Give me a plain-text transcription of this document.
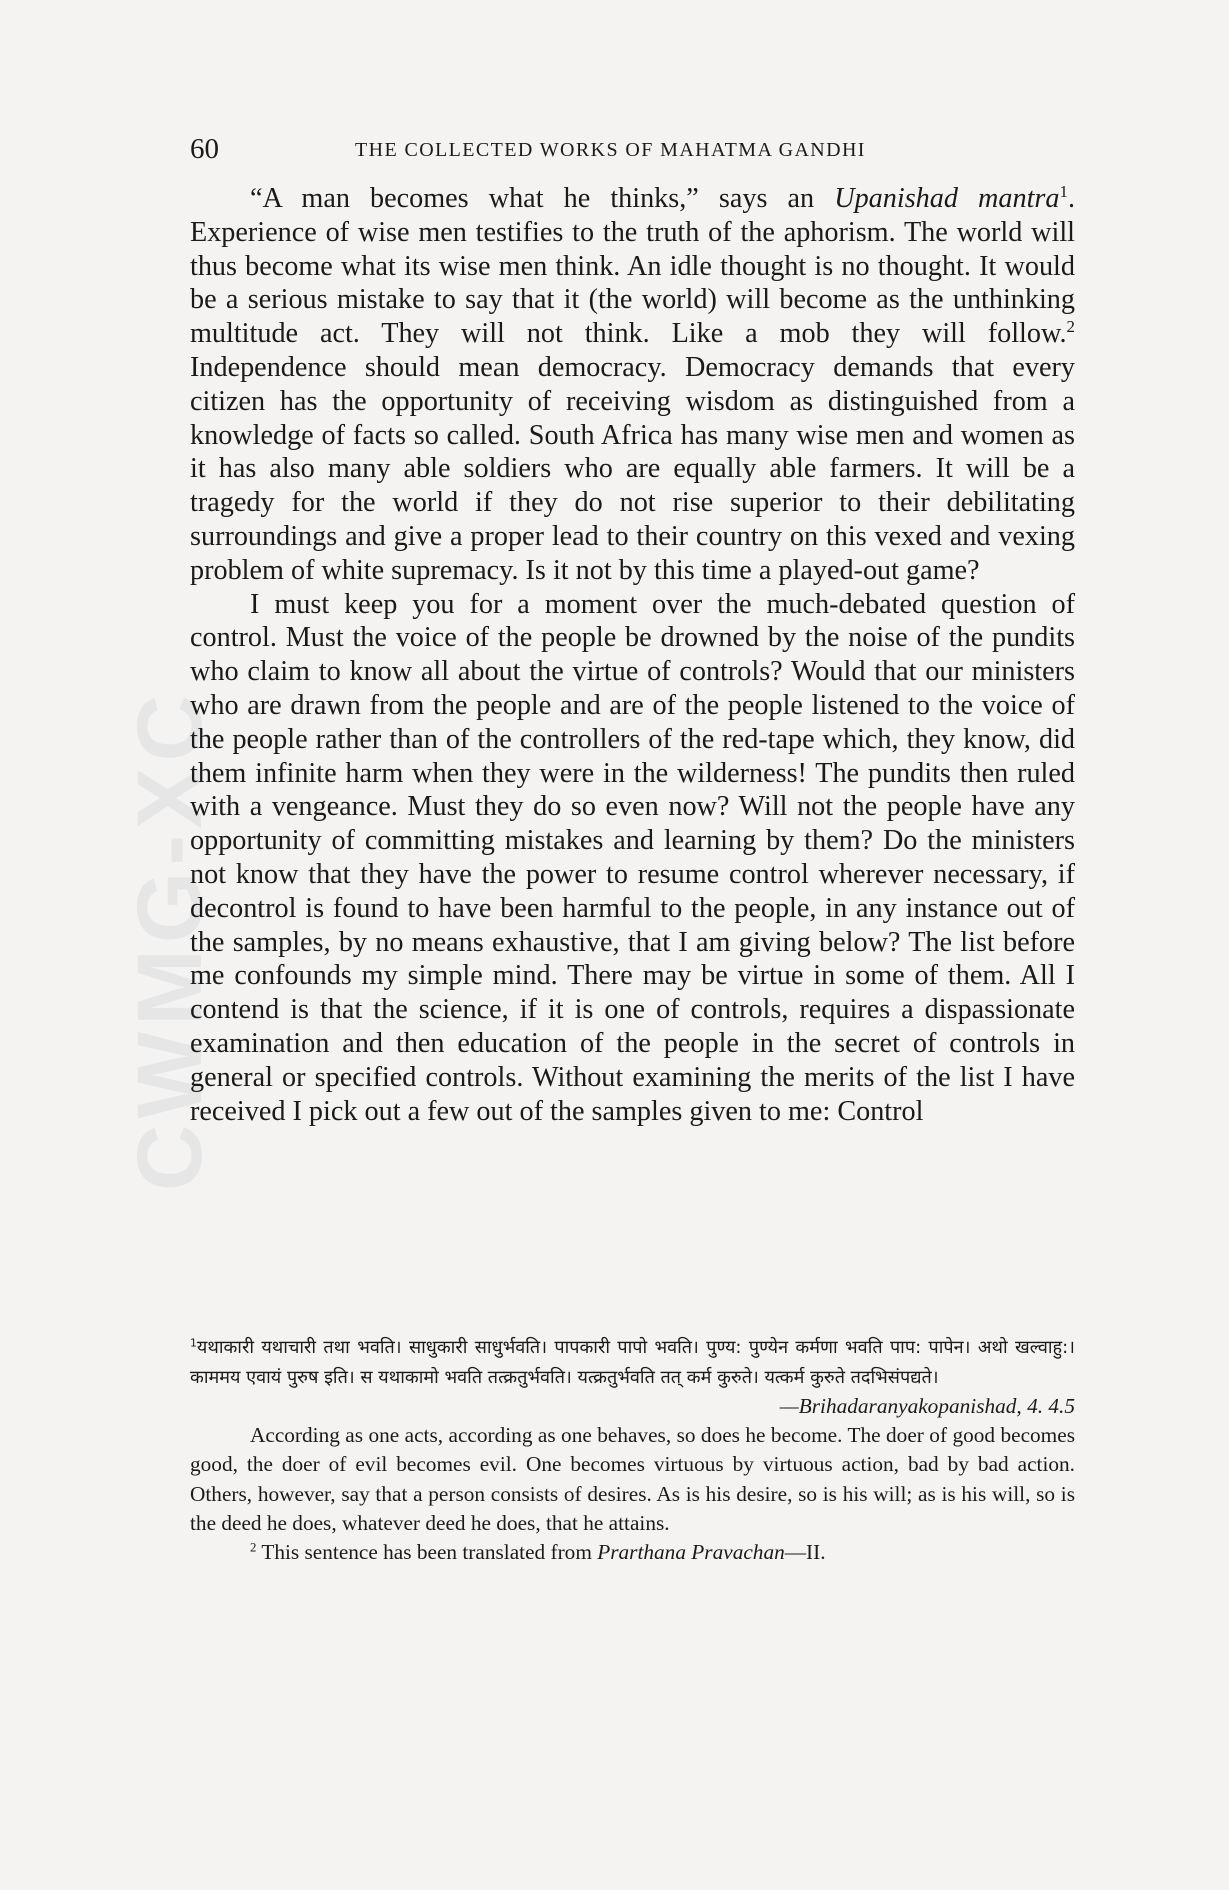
CWMG-XC
60	THE COLLECTED WORKS OF MAHATMA GANDHI

“A man becomes what he thinks,” says an Upanishad mantra$^1$. Experience of wise men testifies to the truth of the aphorism. The world will thus become what its wise men think. An idle thought is no thought. It would be a serious mistake to say that it (the world) will become as the unthinking multitude act. They will not think. Like a mob they will follow.$^2$ Independence should mean democracy. Democracy demands that every citizen has the opportunity of receiving wisdom as distinguished from a knowledge of facts so called. South Africa has many wise men and women as it has also many able soldiers who are equally able farmers. It will be a tragedy for the world if they do not rise superior to their debilitating surroundings and give a proper lead to their country on this vexed and vexing problem of white supremacy. Is it not by this time a played-out game?

I must keep you for a moment over the much-debated question of control. Must the voice of the people be drowned by the noise of the pundits who claim to know all about the virtue of controls? Would that our ministers who are drawn from the people and are of the people listened to the voice of the people rather than of the controllers of the red-tape which, they know, did them infinite harm when they were in the wilderness! The pundits then ruled with a vengeance. Must they do so even now? Will not the people have any opportunity of committing mistakes and learning by them? Do the ministers not know that they have the power to resume control wherever necessary, if decontrol is found to have been harmful to the people, in any instance out of the samples, by no means exhaustive, that I am giving below? The list before me confounds my simple mind. There may be virtue in some of them. All I contend is that the science, if it is one of controls, requires a dispassionate examination and then education of the people in the secret of controls in general or specified controls. Without examining the merits of the list I have received I pick out a few out of the samples given to me: Control

$^1$यथाकारी यथाचारी तथा भवति। साधुकारी साधुर्भवति। पापकारी पापो भवति। पुण्य: पुण्येन कर्मणा भवति पाप: पापेन। अथो खल्वाहु:। काममय एवायं पुरुष इति। स यथाकामो भवति तत्क्रतुर्भवति। यत्क्रतुर्भवति तत् कर्म कुरुते। यत्कर्म कुरुते तदभिसंपद्यते।

—Brihadaranyakopanishad, 4. 4.5

According as one acts, according as one behaves, so does he become. The doer of good becomes good, the doer of evil becomes evil. One becomes virtuous by virtuous action, bad by bad action. Others, however, say that a person consists of desires. As is his desire, so is his will; as is his will, so is the deed he does, whatever deed he does, that he attains.

$^2$ This sentence has been translated from Prarthana Pravachan—II.
